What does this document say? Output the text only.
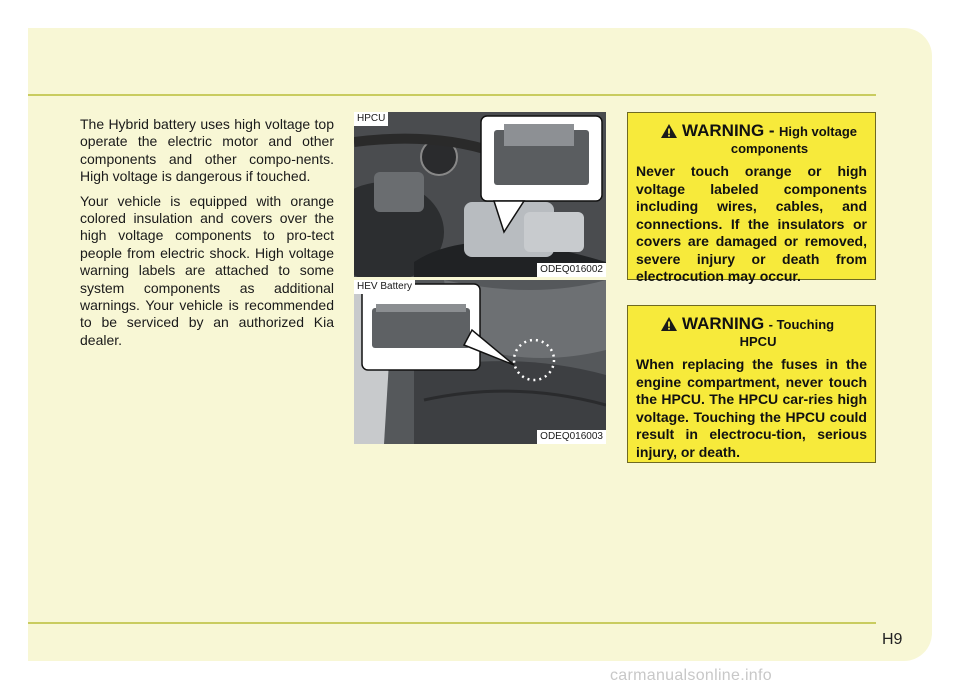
The Hybrid battery uses high voltage top operate the electric motor and other components and other compo-nents. High voltage is dangerous if touched.

Your vehicle is equipped with orange colored insulation and covers over the high voltage components to pro-tect people from electric shock. High voltage warning labels are attached to some system components as additional warnings. Your vehicle is recommended to be serviced by an authorized Kia dealer.

HPCU
ODEQ016002
HEV Battery
ODEQ016003
WARNING - High voltage
components
Never touch orange or high voltage labeled components including wires, cables, and connections. If the insulators or covers are damaged or removed, severe injury or death from electrocution may occur.
WARNING - Touching
HPCU
When replacing the fuses in the engine compartment, never touch the HPCU. The HPCU car-ries high voltage. Touching the HPCU could result in electrocu-tion, serious injury, or death.
H9
carmanualsonline.info
